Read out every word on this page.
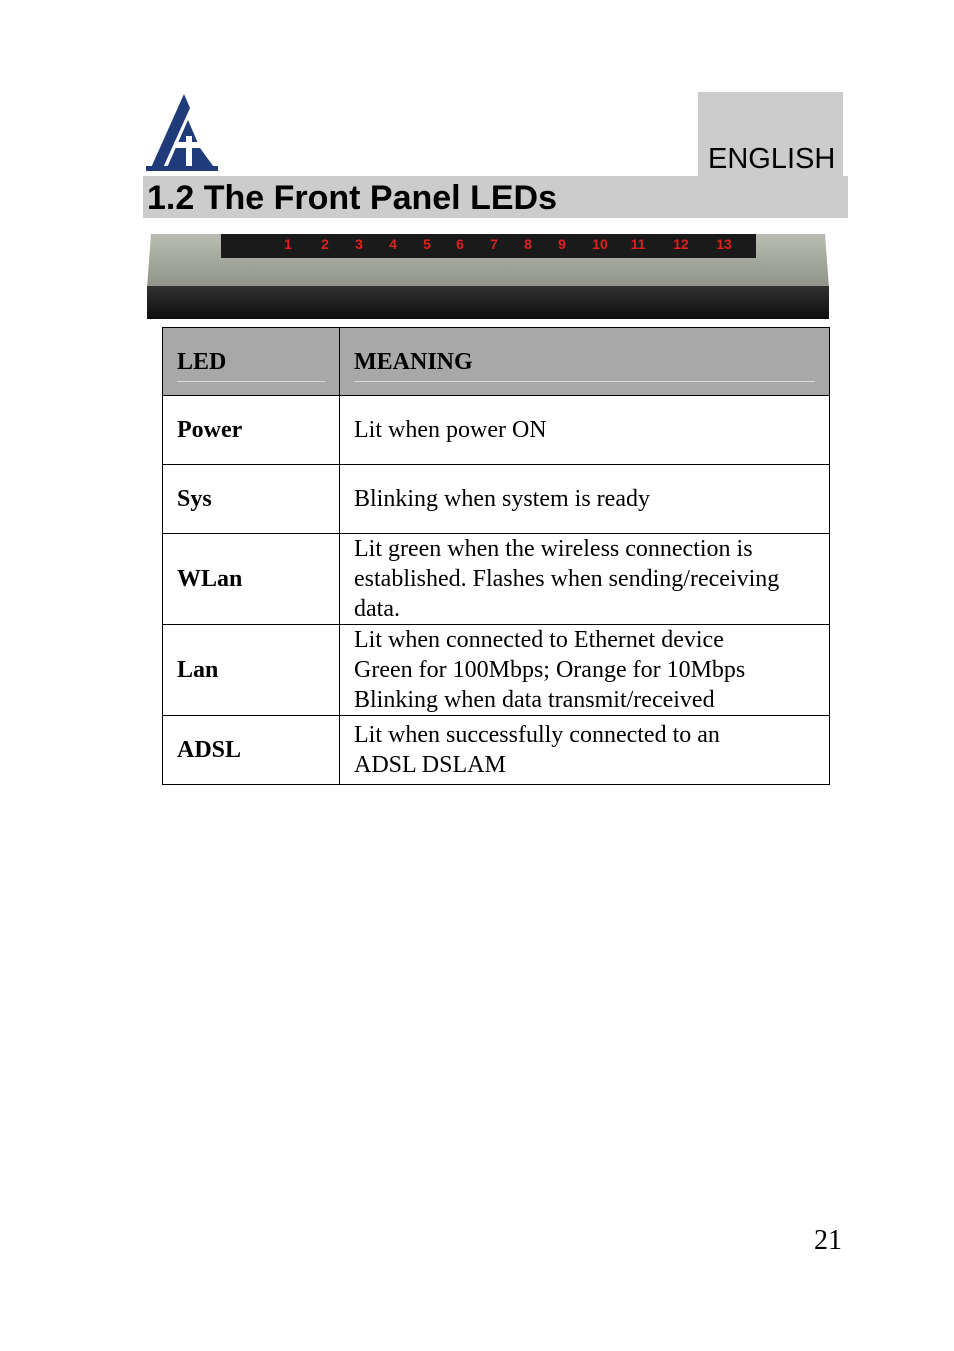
ENGLISH
1.2 The Front Panel LEDs
1 2 3 4 5 6 7 8 9 10 11 12 13
LED	MEANING

Power	Lit when power ON
Sys	Blinking when system is ready
WLan	Lit green when the wireless connection is
established. Flashes when sending/receiving
data.
Lan	Lit when connected to Ethernet device
Green for 100Mbps; Orange for 10Mbps
Blinking when data transmit/received
ADSL	Lit when successfully connected to an
ADSL DSLAM
21
